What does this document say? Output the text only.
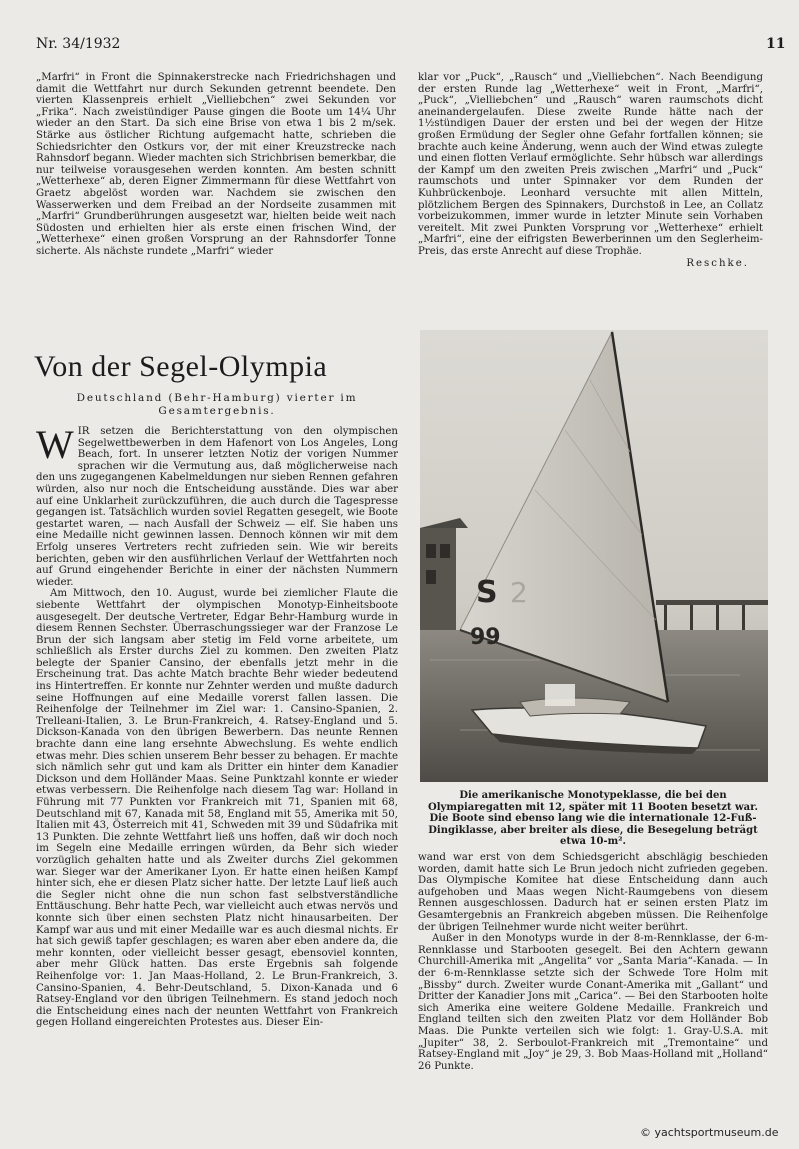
Nr. 34/1932	11

„Marfri“ in Front die Spinnakerstrecke nach Friedrichshagen und damit die Wettfahrt nur durch Sekunden getrennt beendete. Den vierten Klassenpreis erhielt „Vielliebchen“ zwei Sekunden vor „Frika“. Nach zweistündiger Pause gingen die Boote um 14¼ Uhr wieder an den Start. Da sich eine Brise von etwa 1 bis 2 m/sek. Stärke aus östlicher Richtung aufgemacht hatte, schrieben die Schiedsrichter den Ostkurs vor, der mit einer Kreuzstrecke nach Rahnsdorf begann. Wieder machten sich Strichbrisen bemerkbar, die nur teilweise vorausgesehen werden konnten. Am besten schnitt „Wetterhexe“ ab, deren Eigner Zimmermann für diese Wettfahrt von Graetz abgelöst worden war. Nachdem sie zwischen den Wasserwerken und dem Freibad an der Nordseite zusammen mit „Marfri“ Grundberührungen ausgesetzt war, hielten beide weit nach Südosten und erhielten hier als erste einen frischen Wind, der „Wetterhexe“ einen großen Vorsprung an der Rahnsdorfer Tonne sicherte. Als nächste rundete „Marfri“ wieder

klar vor „Puck“, „Rausch“ und „Vielliebchen“. Nach Beendigung der ersten Runde lag „Wetterhexe“ weit in Front, „Marfri“, „Puck“, „Vielliebchen“ und „Rausch“ waren raumschots dicht aneinandergelaufen. Diese zweite Runde hätte nach der 1½stündigen Dauer der ersten und bei der wegen der Hitze großen Ermüdung der Segler ohne Gefahr fortfallen können; sie brachte auch keine Änderung, wenn auch der Wind etwas zulegte und einen flotten Verlauf ermöglichte. Sehr hübsch war allerdings der Kampf um den zweiten Preis zwischen „Marfri“ und „Puck“ raumschots und unter Spinnaker vor dem Runden der Kuhbrückenboje. Leonhard versuchte mit allen Mitteln, plötzlichem Bergen des Spinnakers, Durchstoß in Lee, an Collatz vorbeizukommen, immer wurde in letzter Minute sein Vorhaben vereitelt. Mit zwei Punkten Vorsprung vor „Wetterhexe“ erhielt „Marfri“, eine der eifrigsten Bewerberinnen um den Seglerheim-Preis, das erste Anrecht auf diese Trophäe.
Reschke.
Von der Segel-Olympia

Deutschland (Behr-Hamburg) vierter im Gesamtergebnis.

W IR setzen die Berichterstattung von den olympischen Segelwettbewerben in dem Hafenort von Los Angeles, Long Beach, fort. In unserer letzten Notiz der vorigen Nummer sprachen wir die Vermutung aus, daß möglicherweise nach den uns zugegangenen Kabelmeldungen nur sieben Rennen gefahren würden, also nur noch die Entscheidung ausstände. Dies war aber auf eine Unklarheit zurückzuführen, die auch durch die Tagespresse gegangen ist. Tatsächlich wurden soviel Regatten gesegelt, wie Boote gestartet waren, — nach Ausfall der Schweiz — elf. Sie haben uns eine Medaille nicht gewinnen lassen. Dennoch können wir mit dem Erfolg unseres Vertreters recht zufrieden sein. Wie wir bereits berichten, geben wir den ausführlichen Verlauf der Wettfahrten noch auf Grund eingehender Berichte in einer der nächsten Nummern wieder.

Am Mittwoch, den 10. August, wurde bei ziemlicher Flaute die siebente Wettfahrt der olympischen Monotyp-Einheitsboote ausgesegelt. Der deutsche Vertreter, Edgar Behr-Hamburg wurde in diesem Rennen Sechster. Überraschungssieger war der Franzose Le Brun der sich langsam aber stetig im Feld vorne arbeitete, um schließlich als Erster durchs Ziel zu kommen. Den zweiten Platz belegte der Spanier Cansino, der ebenfalls jetzt mehr in die Erscheinung trat. Das achte Match brachte Behr wieder bedeutend ins Hintertreffen. Er konnte nur Zehnter werden und mußte dadurch seine Hoffnungen auf eine Medaille vorerst fallen lassen. Die Reihenfolge der Teilnehmer im Ziel war: 1. Cansino-Spanien, 2. Trelleani-Italien, 3. Le Brun-Frankreich, 4. Ratsey-England und 5. Dickson-Kanada von den übrigen Bewerbern. Das neunte Rennen brachte dann eine lang ersehnte Abwechslung. Es wehte endlich etwas mehr. Dies schien unserem Behr besser zu behagen. Er machte sich nämlich sehr gut und kam als Dritter ein hinter dem Kanadier Dickson und dem Holländer Maas. Seine Punktzahl konnte er wieder etwas verbessern. Die Reihenfolge nach diesem Tag war: Holland in Führung mit 77 Punkten vor Frankreich mit 71, Spanien mit 68, Deutschland mit 67, Kanada mit 58, England mit 55, Amerika mit 50, Italien mit 43, Österreich mit 41, Schweden mit 39 und Südafrika mit 13 Punkten. Die zehnte Wettfahrt ließ uns hoffen, daß wir doch noch im Segeln eine Medaille erringen würden, da Behr sich wieder vorzüglich gehalten hatte und als Zweiter durchs Ziel gekommen war. Sieger war der Amerikaner Lyon. Er hatte einen heißen Kampf hinter sich, ehe er diesen Platz sicher hatte. Der letzte Lauf ließ auch die Segler nicht ohne die nun schon fast selbstverständliche Enttäuschung. Behr hatte Pech, war vielleicht auch etwas nervös und konnte sich über einen sechsten Platz nicht hinausarbeiten. Der Kampf war aus und mit einer Medaille war es auch diesmal nichts. Er hat sich gewiß tapfer geschlagen; es waren aber eben andere da, die mehr konnten, oder vielleicht besser gesagt, ebensoviel konnten, aber mehr Glück hatten. Das erste Ergebnis sah folgende Reihenfolge vor: 1. Jan Maas-Holland, 2. Le Brun-Frankreich, 3. Cansino-Spanien, 4. Behr-Deutschland, 5. Dixon-Kanada und 6 Ratsey-England vor den übrigen Teilnehmern. Es stand jedoch noch die Entscheidung eines nach der neunten Wettfahrt von Frankreich gegen Holland eingereichten Protestes aus. Dieser Ein-

S 2
99

Die amerikanische Monotypeklasse, die bei den Olympiaregatten mit 12, später mit 11 Booten besetzt war. Die Boote sind ebenso lang wie die internationale 12-Fuß-Dingiklasse, aber breiter als diese, die Besegelung beträgt etwa 10-m².

wand war erst von dem Schiedsgericht abschlägig beschieden worden, damit hatte sich Le Brun jedoch nicht zufrieden gegeben. Das Olympische Komitee hat diese Entscheidung dann auch aufgehoben und Maas wegen Nicht-Raumgebens von diesem Rennen ausgeschlossen. Dadurch hat er seinen ersten Platz im Gesamtergebnis an Frankreich abgeben müssen. Die Reihenfolge der übrigen Teilnehmer wurde nicht weiter berührt.

Außer in den Monotyps wurde in der 8-m-Rennklasse, der 6-m-Rennklasse und Starbooten gesegelt. Bei den Achtern gewann Churchill-Amerika mit „Angelita“ vor „Santa Maria“-Kanada. — In der 6-m-Rennklasse setzte sich der Schwede Tore Holm mit „Bissby“ durch. Zweiter wurde Conant-Amerika mit „Gallant“ und Dritter der Kanadier Jons mit „Carica“. — Bei den Starbooten holte sich Amerika eine weitere Goldene Medaille. Frankreich und England teilten sich den zweiten Platz vor dem Holländer Bob Maas. Die Punkte verteilen sich wie folgt: 1. Gray-U.S.A. mit „Jupiter“ 38, 2. Serboulot-Frankreich mit „Tremontaine“ und Ratsey-England mit „Joy“ je 29, 3. Bob Maas-Holland mit „Holland“ 26 Punkte.

© yachtsportmuseum.de
